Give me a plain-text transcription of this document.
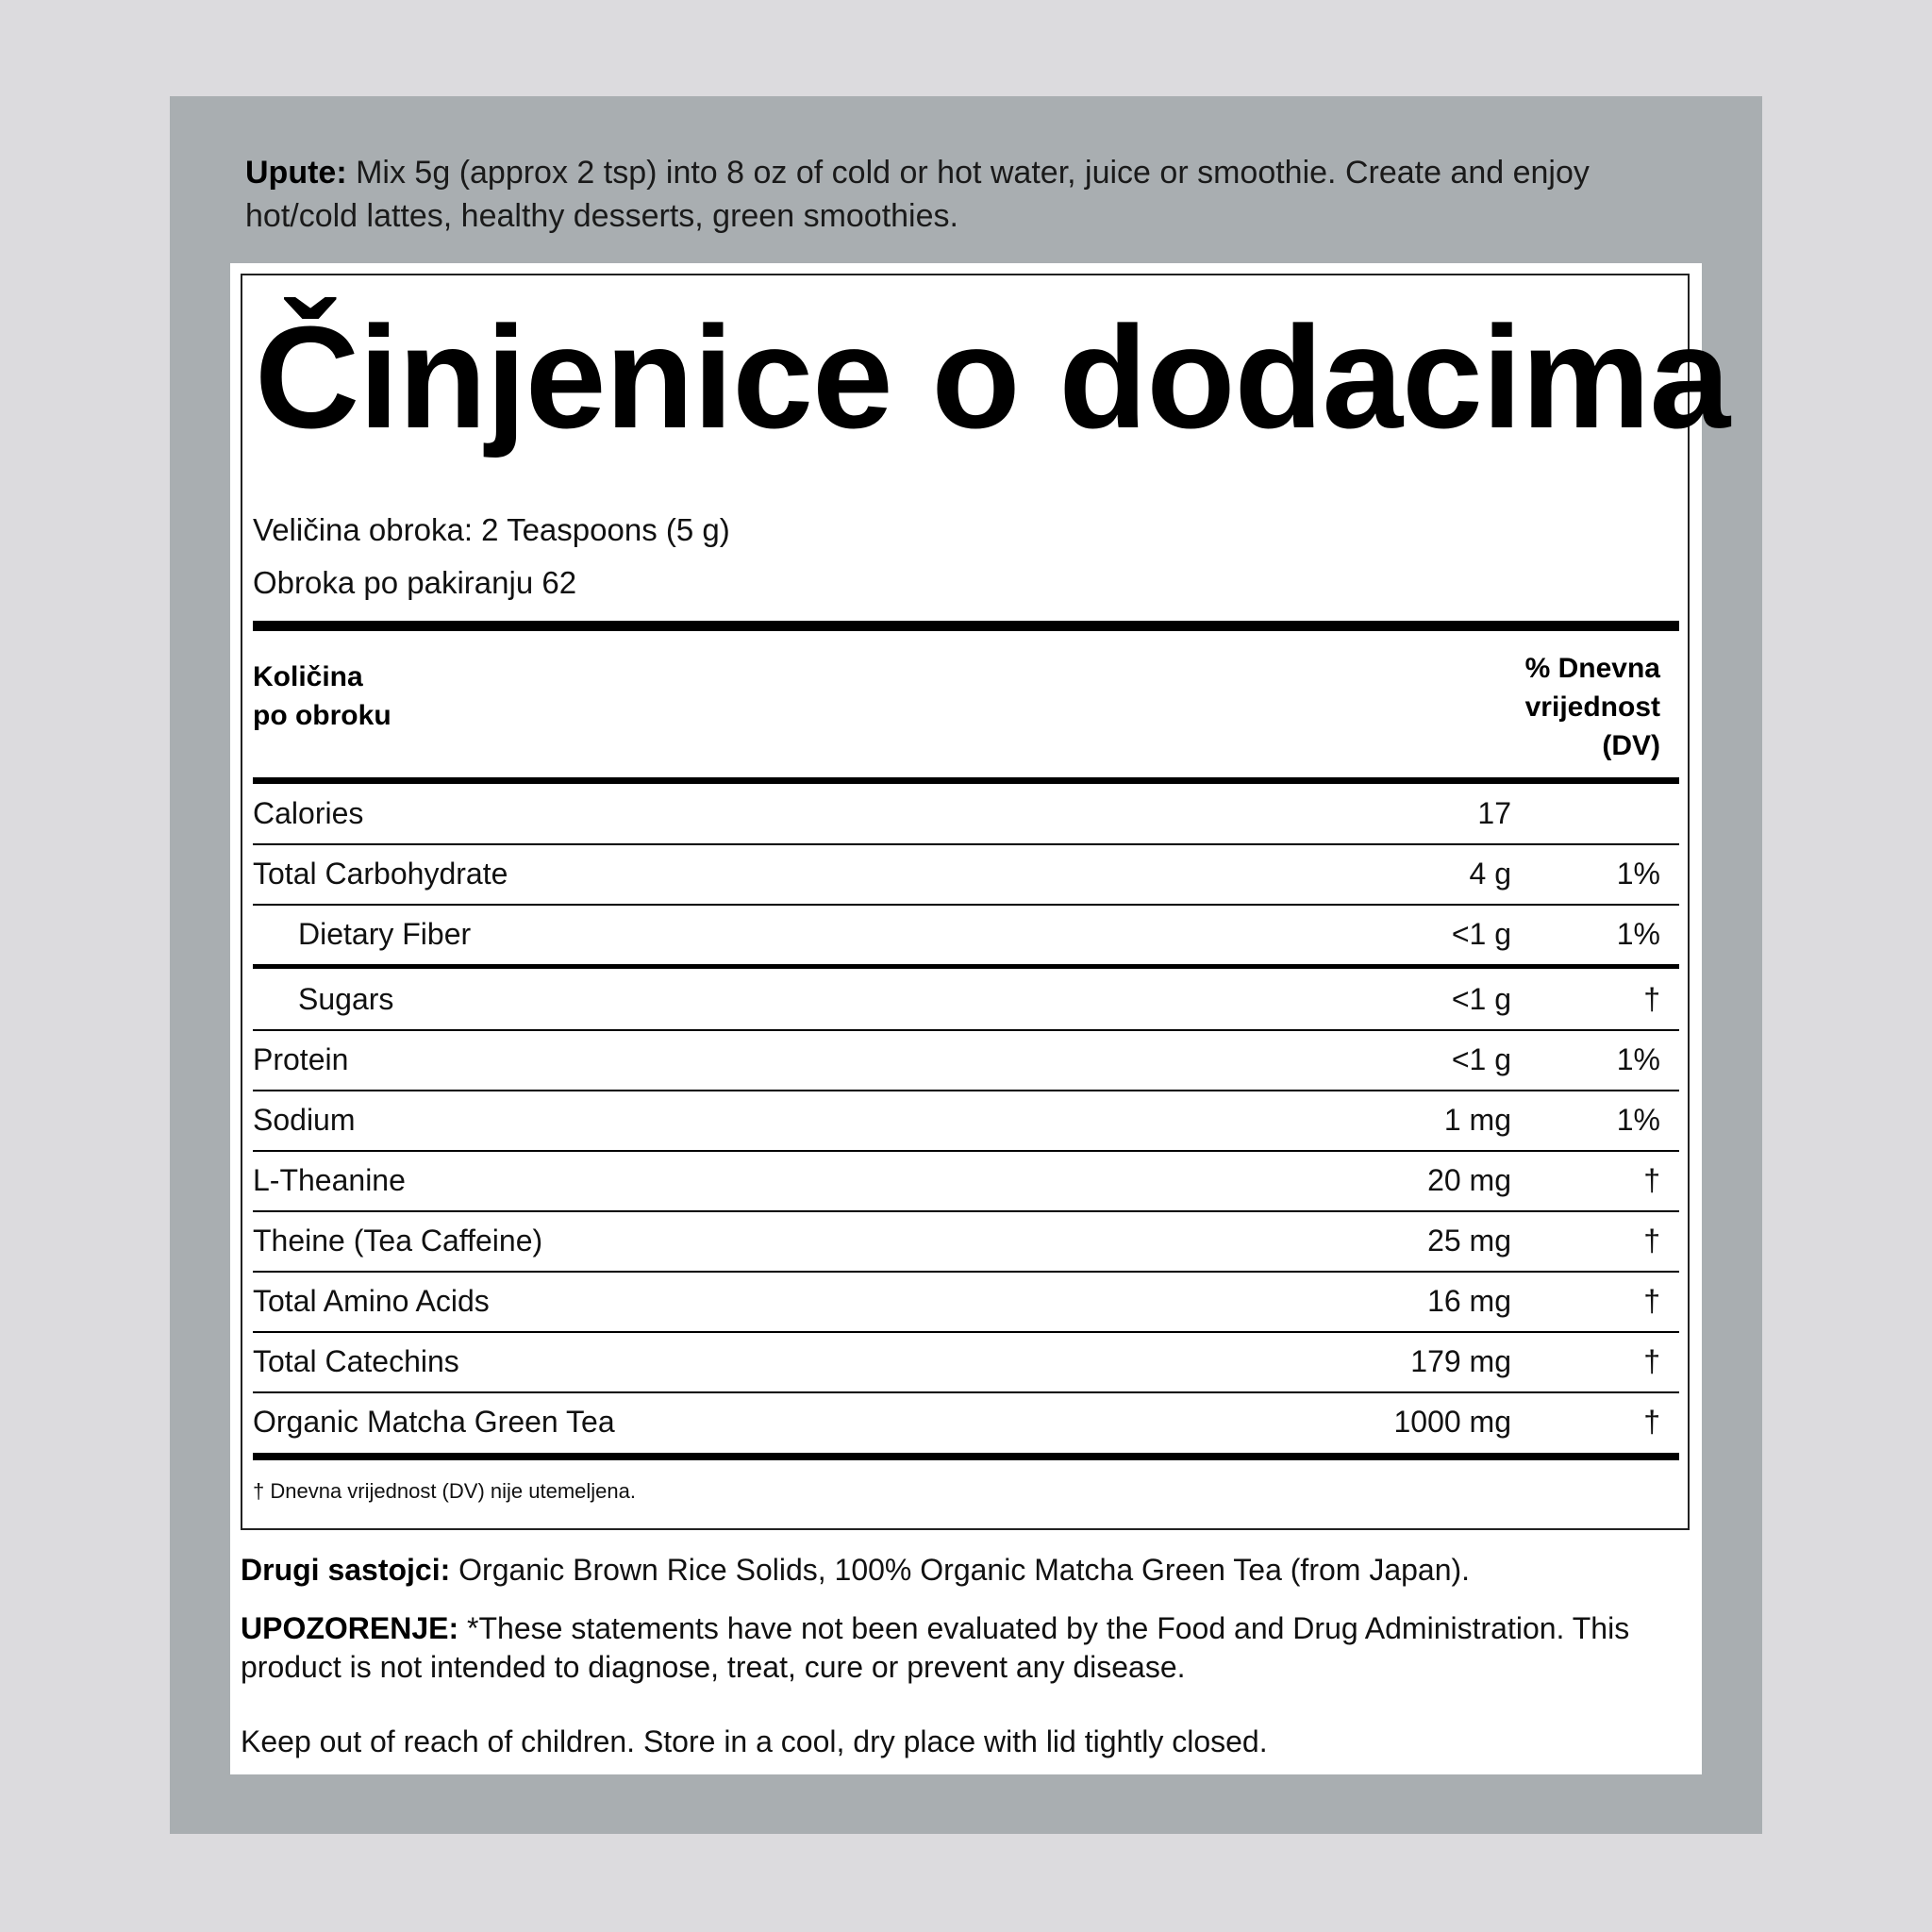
Upute: Mix 5g (approx 2 tsp) into 8 oz of cold or hot water, juice or smoothie. Create and enjoy hot/cold lattes, healthy desserts, green smoothies.
Činjenice o dodacima
Veličina obroka: 2 Teaspoons (5 g)
Obroka po pakiranju 62
Količina
po obroku
% Dnevna
vrijednost
(DV)
Calories	17
Total Carbohydrate	4 g	1%
Dietary Fiber	<1 g	1%
Sugars	<1 g	†
Protein	<1 g	1%
Sodium	1 mg	1%
L-Theanine	20 mg	†
Theine (Tea Caffeine)	25 mg	†
Total Amino Acids	16 mg	†
Total Catechins	179 mg	†
Organic Matcha Green Tea	1000 mg	†
† Dnevna vrijednost (DV) nije utemeljena.
Drugi sastojci: Organic Brown Rice Solids, 100% Organic Matcha Green Tea (from Japan).
UPOZORENJE: *These statements have not been evaluated by the Food and Drug Administration. This product is not intended to diagnose, treat, cure or prevent any disease.
Keep out of reach of children. Store in a cool, dry place with lid tightly closed.
